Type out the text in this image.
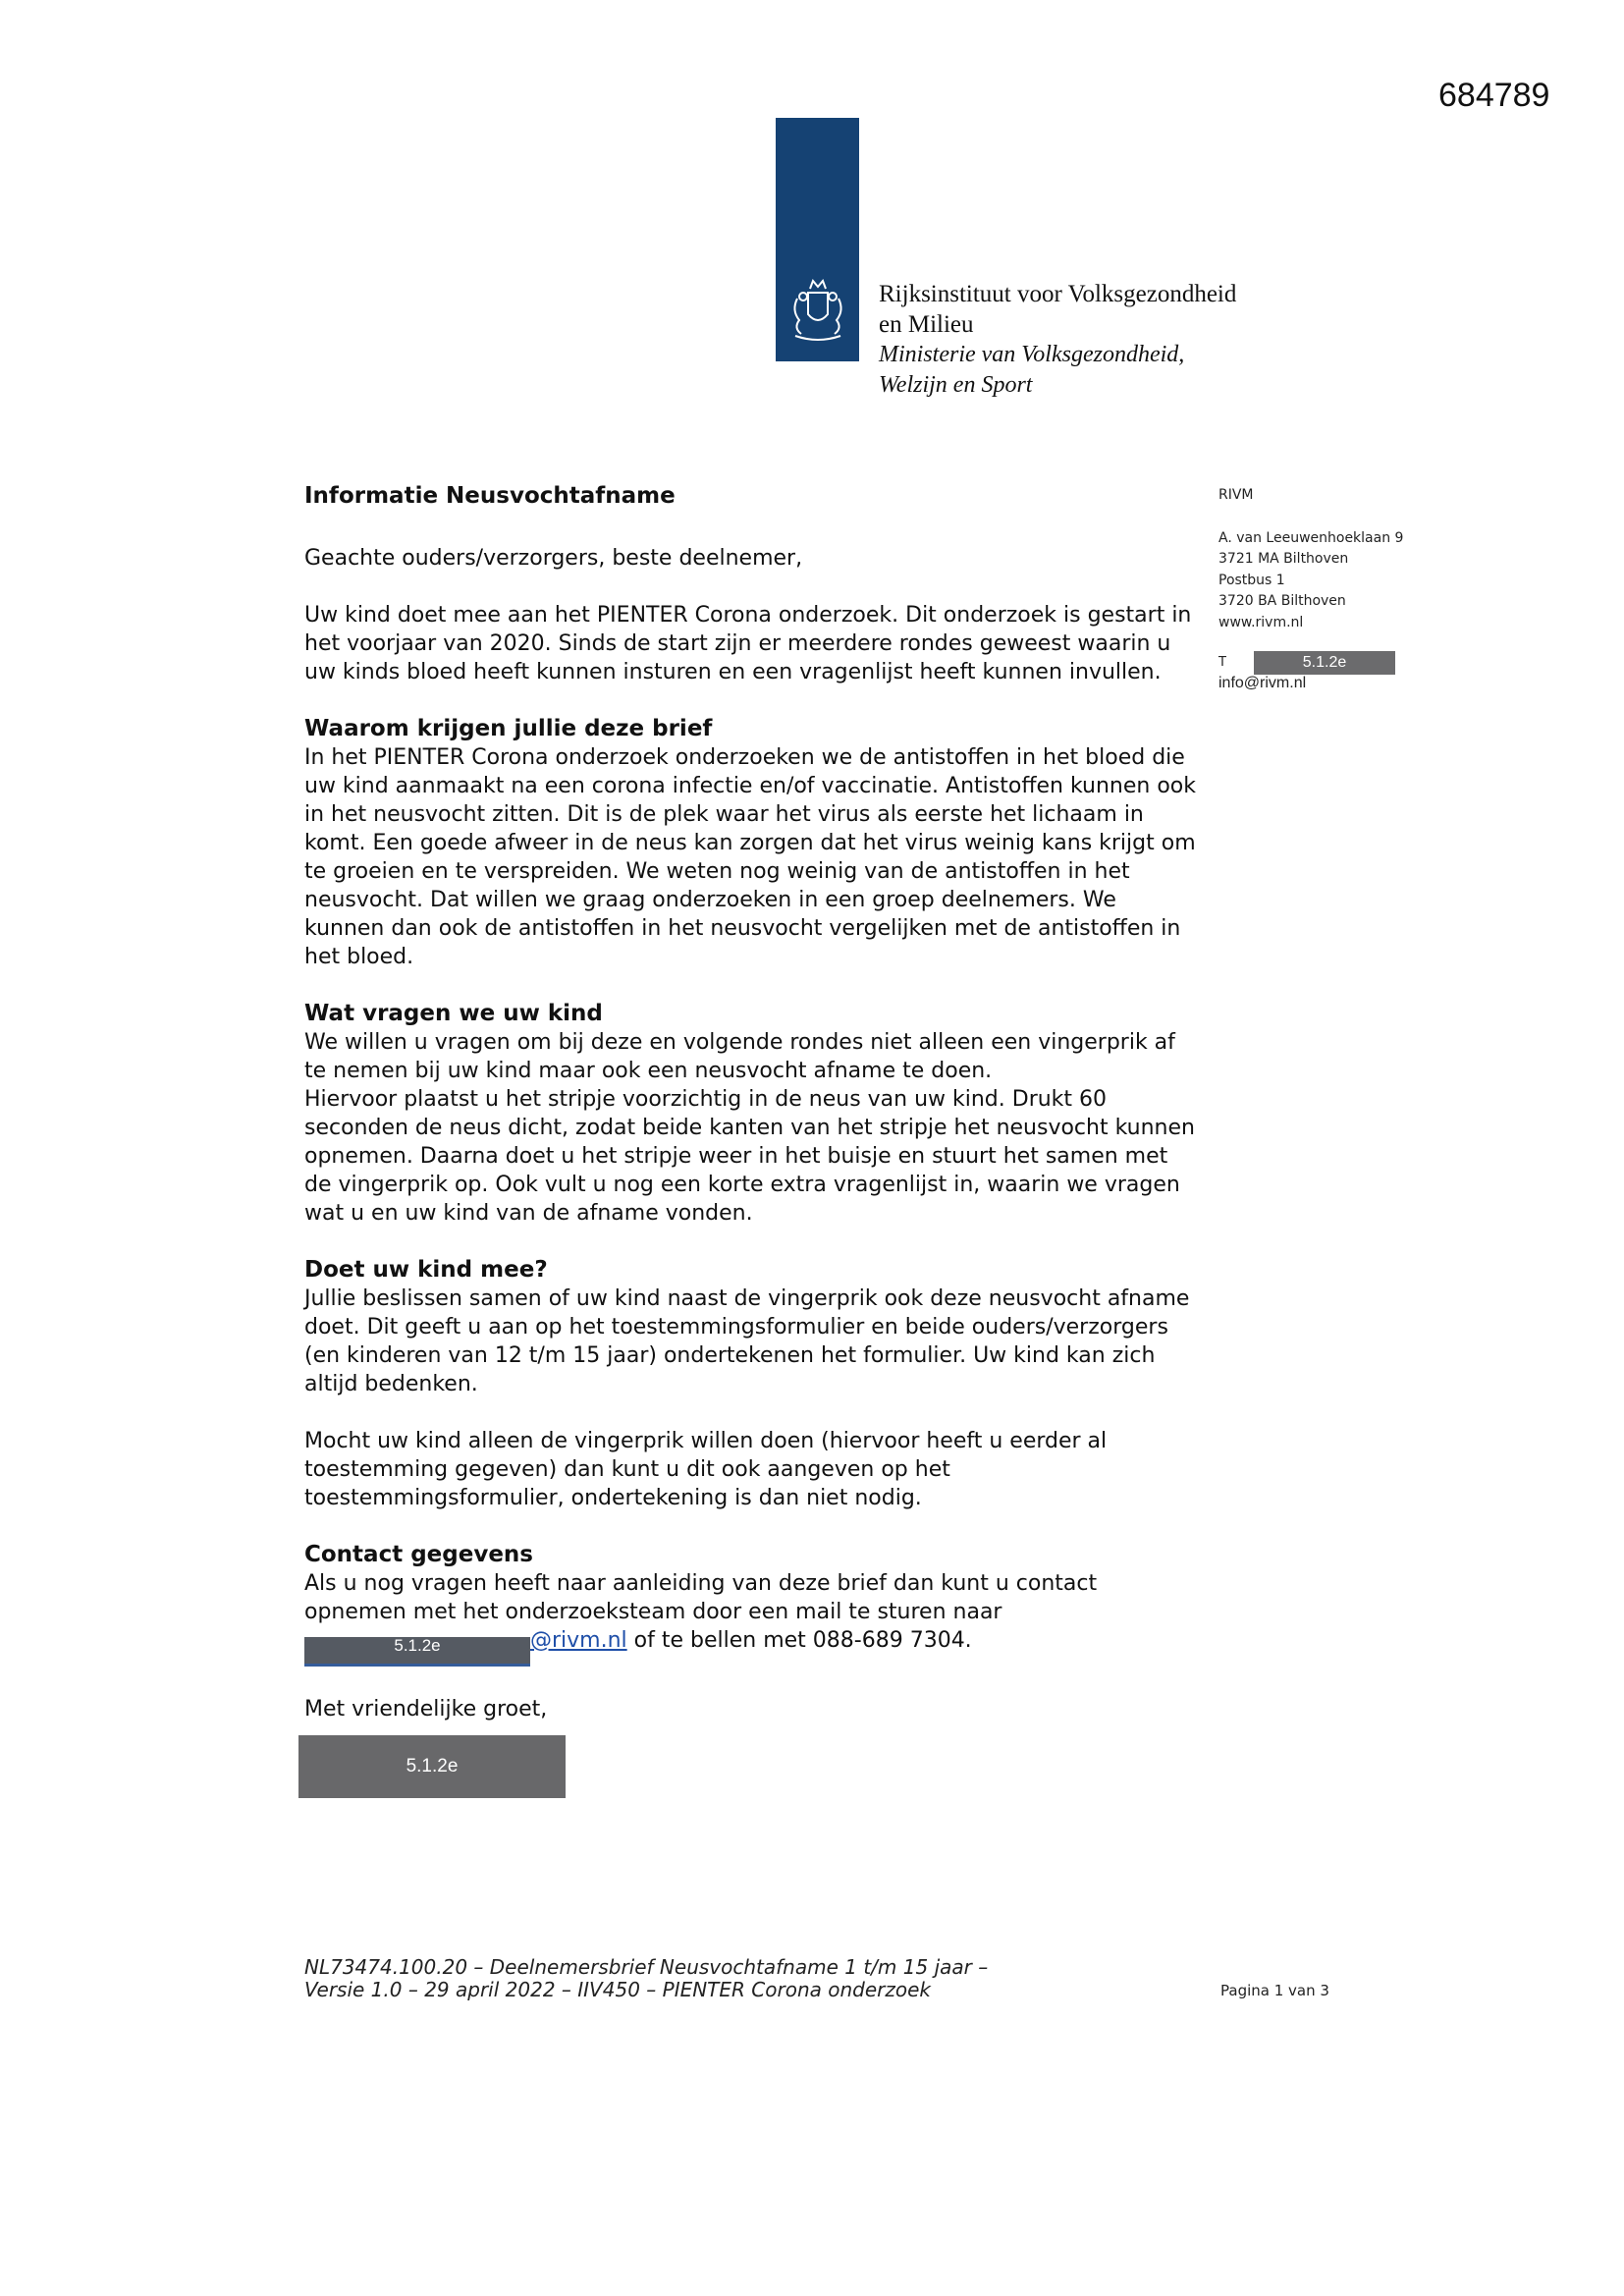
684789
Rijksinstituut voor Volksgezondheid
en Milieu
Ministerie van Volksgezondheid,
Welzijn en Sport
RIVM
A. van Leeuwenhoeklaan 9
3721 MA Bilthoven
Postbus 1
3720 BA Bilthoven
www.rivm.nl
T	5.1.2e
info@rivm.nl
Informatie Neusvochtafname
Geachte ouders/verzorgers, beste deelnemer,
Uw kind doet mee aan het PIENTER Corona onderzoek. Dit onderzoek is gestart in het voorjaar van 2020. Sinds de start zijn er meerdere rondes geweest waarin u uw kinds bloed heeft kunnen insturen en een vragenlijst heeft kunnen invullen.
Waarom krijgen jullie deze brief
In het PIENTER Corona onderzoek onderzoeken we de antistoffen in het bloed die uw kind aanmaakt na een corona infectie en/of vaccinatie. Antistoffen kunnen ook in het neusvocht zitten. Dit is de plek waar het virus als eerste het lichaam in komt. Een goede afweer in de neus kan zorgen dat het virus weinig kans krijgt om te groeien en te verspreiden. We weten nog weinig van de antistoffen in het neusvocht. Dat willen we graag onderzoeken in een groep deelnemers. We kunnen dan ook de antistoffen in het neusvocht vergelijken met de antistoffen in het bloed.
Wat vragen we uw kind
We willen u vragen om bij deze en volgende rondes niet alleen een vingerprik af te nemen bij uw kind maar ook een neusvocht afname te doen.
Hiervoor plaatst u het stripje voorzichtig in de neus van uw kind. Drukt 60 seconden de neus dicht, zodat beide kanten van het stripje het neusvocht kunnen opnemen. Daarna doet u het stripje weer in het buisje en stuurt het samen met de vingerprik op. Ook vult u nog een korte extra vragenlijst in, waarin we vragen wat u en uw kind van de afname vonden.
Doet uw kind mee?
Jullie beslissen samen of uw kind naast de vingerprik ook deze neusvocht afname doet. Dit geeft u aan op het toestemmingsformulier en beide ouders/verzorgers (en kinderen van 12 t/m 15 jaar) ondertekenen het formulier. Uw kind kan zich altijd bedenken.
Mocht uw kind alleen de vingerprik willen doen (hiervoor heeft u eerder al toestemming gegeven) dan kunt u dit ook aangeven op het toestemmingsformulier, ondertekening is dan niet nodig.
Contact gegevens
Als u nog vragen heeft naar aanleiding van deze brief dan kunt u contact opnemen met het onderzoeksteam door een mail te sturen naar 5.1.2e	@rivm.nl of te bellen met 088-689 7304.
Met vriendelijke groet,
5.1.2e
NL73474.100.20 – Deelnemersbrief Neusvochtafname 1 t/m 15 jaar –
Versie 1.0 – 29 april 2022 – IIV450 – PIENTER Corona onderzoek	Pagina 1 van 3
